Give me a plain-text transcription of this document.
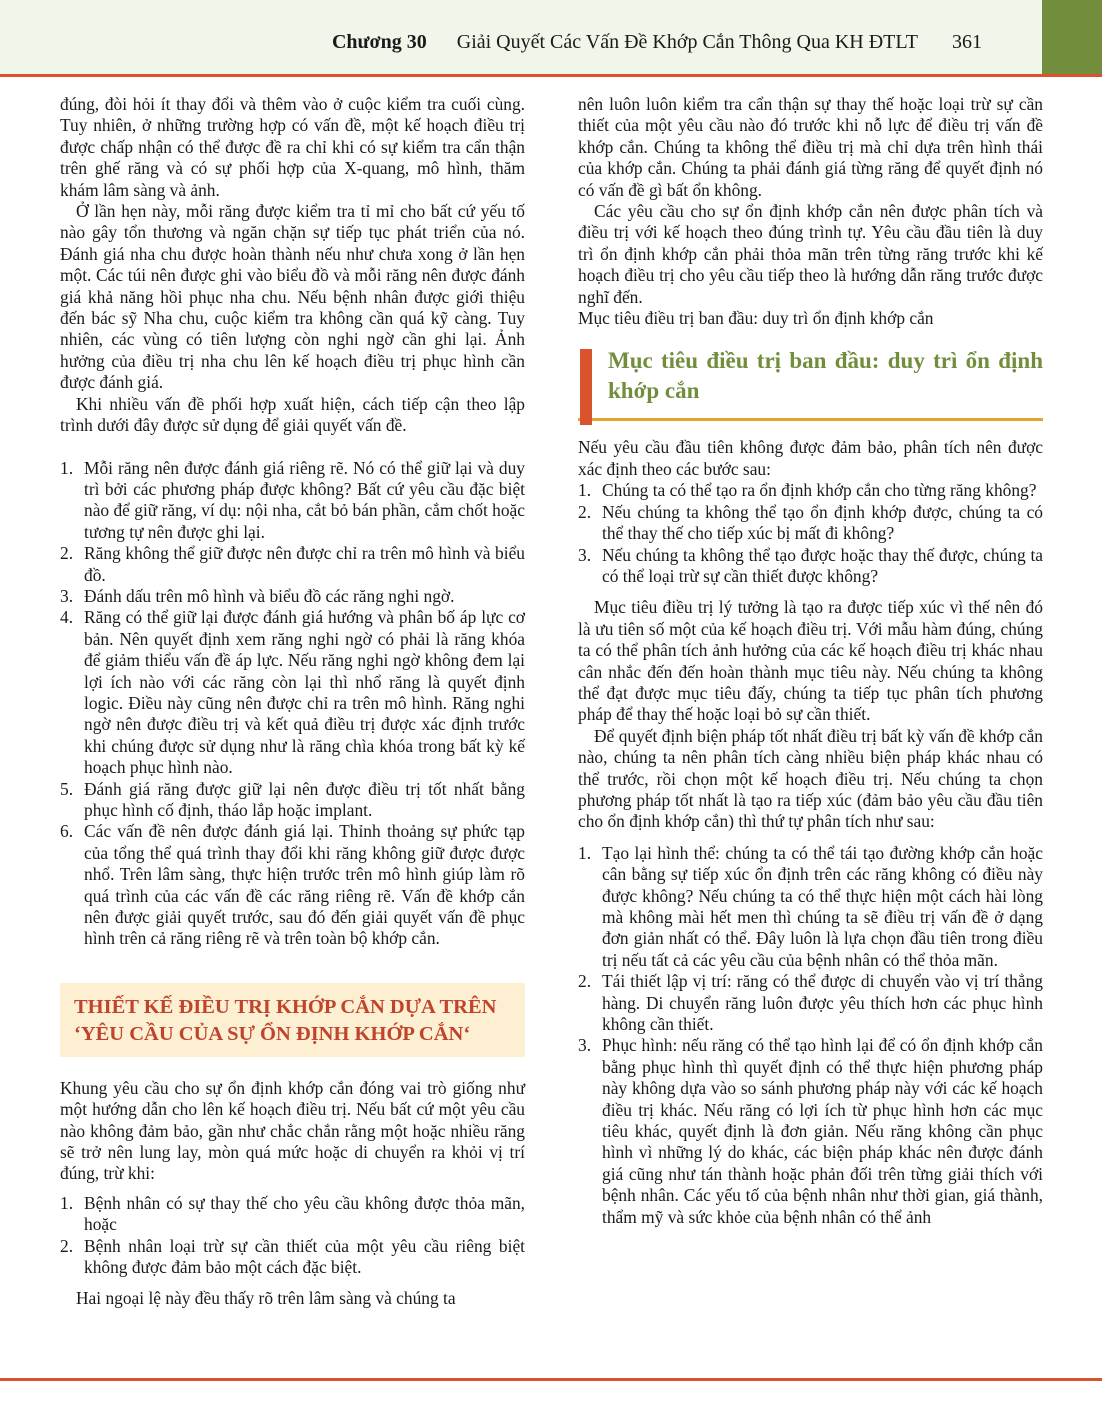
Chương 30 Giải Quyết Các Vấn Đề Khớp Cắn Thông Qua KH ĐTLT 361

đúng, đòi hỏi ít thay đổi và thêm vào ở cuộc kiểm tra cuối cùng. Tuy nhiên, ở những trường hợp có vấn đề, một kế hoạch điều trị được chấp nhận có thể được đề ra chỉ khi có sự kiểm tra cẩn thận trên ghế răng và có sự phối hợp của X-quang, mô hình, thăm khám lâm sàng và ảnh.

Ở lần hẹn này, mỗi răng được kiểm tra tỉ mỉ cho bất cứ yếu tố nào gây tổn thương và ngăn chặn sự tiếp tục phát triển của nó. Đánh giá nha chu được hoàn thành nếu như chưa xong ở lần hẹn một. Các túi nên được ghi vào biểu đồ và mỗi răng nên được đánh giá khả năng hồi phục nha chu. Nếu bệnh nhân được giới thiệu đến bác sỹ Nha chu, cuộc kiểm tra không cần quá kỹ càng. Tuy nhiên, các vùng có tiên lượng còn nghi ngờ cần ghi lại. Ảnh hưởng của điều trị nha chu lên kế hoạch điều trị phục hình cần được đánh giá.

Khi nhiều vấn đề phối hợp xuất hiện, cách tiếp cận theo lập trình dưới đây được sử dụng để giải quyết vấn đề.

1. Mỗi răng nên được đánh giá riêng rẽ. Nó có thể giữ lại và duy trì bởi các phương pháp được không? Bất cứ yêu cầu đặc biệt nào để giữ răng, ví dụ: nội nha, cắt bỏ bán phần, cắm chốt hoặc tương tự nên được ghi lại.
2. Răng không thể giữ được nên được chỉ ra trên mô hình và biểu đồ.
3. Đánh dấu trên mô hình và biểu đồ các răng nghi ngờ.
4. Răng có thể giữ lại được đánh giá hướng và phân bố áp lực cơ bản. Nên quyết định xem răng nghi ngờ có phải là răng khóa để giảm thiểu vấn đề áp lực. Nếu răng nghi ngờ không đem lại lợi ích nào với các răng còn lại thì nhổ răng là quyết định logic. Điều này cũng nên được chỉ ra trên mô hình. Răng nghi ngờ nên được điều trị và kết quả điều trị được xác định trước khi chúng được sử dụng như là răng chìa khóa trong bất kỳ kế hoạch phục hình nào.
5. Đánh giá răng được giữ lại nên được điều trị tốt nhất bằng phục hình cố định, tháo lắp hoặc implant.
6. Các vấn đề nên được đánh giá lại. Thỉnh thoảng sự phức tạp của tổng thể quá trình thay đổi khi răng không giữ được được nhổ. Trên lâm sàng, thực hiện trước trên mô hình giúp làm rõ quá trình của các vấn đề các răng riêng rẽ. Vấn đề khớp cắn nên được giải quyết trước, sau đó đến giải quyết vấn đề phục hình trên cả răng riêng rẽ và trên toàn bộ khớp cắn.
THIẾT KẾ ĐIỀU TRỊ KHỚP CẮN DỰA TRÊN ‘YÊU CẦU CỦA SỰ ỔN ĐỊNH KHỚP CẮN‘

Khung yêu cầu cho sự ổn định khớp cắn đóng vai trò giống như một hướng dẫn cho lên kế hoạch điều trị. Nếu bất cứ một yêu cầu nào không đảm bảo, gần như chắc chắn rằng một hoặc nhiều răng sẽ trở nên lung lay, mòn quá mức hoặc di chuyển ra khỏi vị trí đúng, trừ khi:

1. Bệnh nhân có sự thay thế cho yêu cầu không được thỏa mãn, hoặc
2. Bệnh nhân loại trừ sự cần thiết của một yêu cầu riêng biệt không được đảm bảo một cách đặc biệt.

Hai ngoại lệ này đều thấy rõ trên lâm sàng và chúng ta

nên luôn luôn kiểm tra cẩn thận sự thay thế hoặc loại trừ sự cần thiết của một yêu cầu nào đó trước khi nỗ lực để điều trị vấn đề khớp cắn. Chúng ta không thể điều trị mà chỉ dựa trên hình thái của khớp cắn. Chúng ta phải đánh giá từng răng để quyết định nó có vấn đề gì bất ổn không.

Các yêu cầu cho sự ổn định khớp cắn nên được phân tích và điều trị với kế hoạch theo đúng trình tự. Yêu cầu đầu tiên là duy trì ổn định khớp cắn phải thỏa mãn trên từng răng trước khi kế hoạch điều trị cho yêu cầu tiếp theo là hướng dẫn răng trước được nghĩ đến.

Mục tiêu điều trị ban đầu: duy trì ổn định khớp cắn

Mục tiêu điều trị ban đầu: duy trì ổn định khớp cắn

Nếu yêu cầu đầu tiên không được đảm bảo, phân tích nên được xác định theo các bước sau:

1. Chúng ta có thể tạo ra ổn định khớp cắn cho từng răng không?
2. Nếu chúng ta không thể tạo ổn định khớp được, chúng ta có thể thay thế cho tiếp xúc bị mất đi không?
3. Nếu chúng ta không thể tạo được hoặc thay thế được, chúng ta có thể loại trừ sự cần thiết được không?

Mục tiêu điều trị lý tưởng là tạo ra được tiếp xúc vì thế nên đó là ưu tiên số một của kế hoạch điều trị. Với mẫu hàm đúng, chúng ta có thể phân tích ảnh hưởng của các kế hoạch điều trị khác nhau cân nhắc đến đến hoàn thành mục tiêu này. Nếu chúng ta không thể đạt được mục tiêu đấy, chúng ta tiếp tục phân tích phương pháp để thay thế hoặc loại bỏ sự cần thiết.

Để quyết định biện pháp tốt nhất điều trị bất kỳ vấn đề khớp cắn nào, chúng ta nên phân tích càng nhiều biện pháp khác nhau có thể trước, rồi chọn một kế hoạch điều trị. Nếu chúng ta chọn phương pháp tốt nhất là tạo ra tiếp xúc (đảm bảo yêu cầu đầu tiên cho ổn định khớp cắn) thì thứ tự phân tích như sau:

1. Tạo lại hình thể: chúng ta có thể tái tạo đường khớp cắn hoặc cân bằng sự tiếp xúc ổn định trên các răng không có điều này được không? Nếu chúng ta có thể thực hiện một cách hài lòng mà không mài hết men thì chúng ta sẽ điều trị vấn đề ở dạng đơn giản nhất có thể. Đây luôn là lựa chọn đầu tiên trong điều trị nếu tất cả các yêu cầu của bệnh nhân có thể thỏa mãn.
2. Tái thiết lập vị trí: răng có thể được di chuyển vào vị trí thẳng hàng. Di chuyển răng luôn được yêu thích hơn các phục hình không cần thiết.
3. Phục hình: nếu răng có thể tạo hình lại để có ổn định khớp cắn bằng phục hình thì quyết định có thể thực hiện phương pháp này không dựa vào so sánh phương pháp này với các kế hoạch điều trị khác. Nếu răng có lợi ích từ phục hình hơn các mục tiêu khác, quyết định là đơn giản. Nếu răng không cần phục hình vì những lý do khác, các biện pháp khác nên được đánh giá cũng như tán thành hoặc phản đối trên từng giải thích với bệnh nhân. Các yếu tố của bệnh nhân như thời gian, giá thành, thẩm mỹ và sức khỏe của bệnh nhân có thể ảnh
